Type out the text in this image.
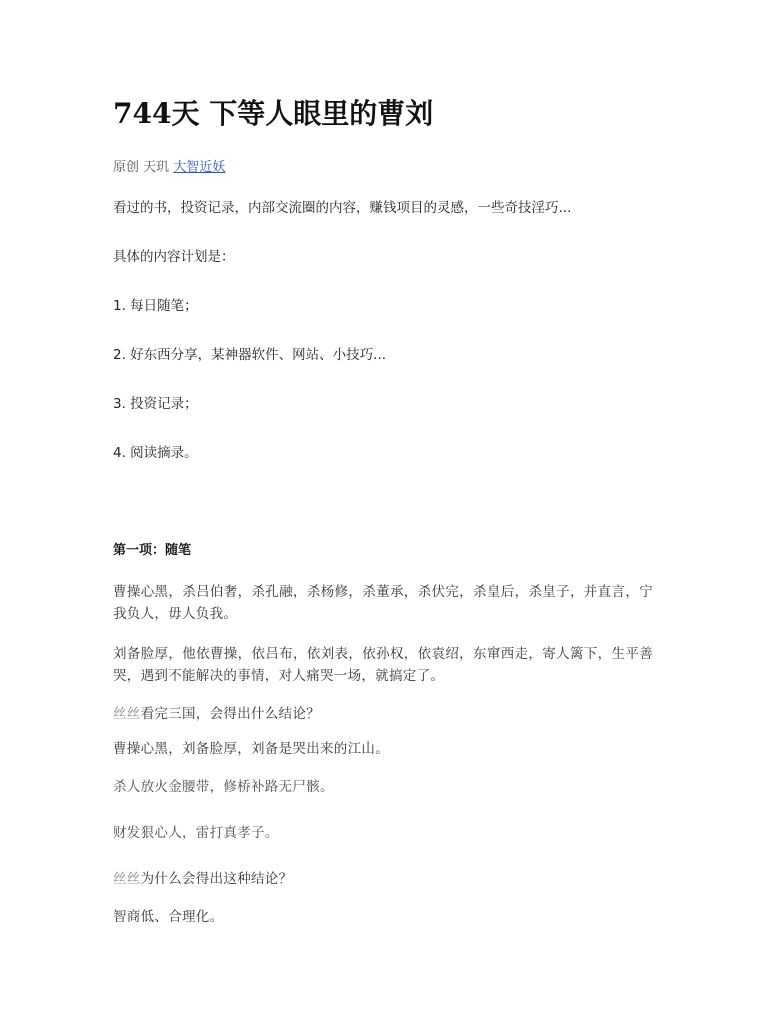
744天 下等人眼里的曹刘
原创 天玑 大智近妖
看过的书，投资记录，内部交流圈的内容，赚钱项目的灵感，一些奇技淫巧...
具体的内容计划是：
1. 每日随笔；
2. 好东西分享，某神器软件、网站、小技巧...
3. 投资记录；
4. 阅读摘录。
第一项：随笔
曹操心黑，杀吕伯奢，杀孔融，杀杨修，杀董承，杀伏完，杀皇后，杀皇子，并直言，宁我负人，毋人负我。
刘备脸厚，他依曹操，依吕布，依刘表，依孙权，依袁绍，东窜西走，寄人篱下，生平善哭，遇到不能解决的事情，对人痛哭一场，就搞定了。
丝丝看完三国，会得出什么结论？
曹操心黑，刘备脸厚，刘备是哭出来的江山。
杀人放火金腰带，修桥补路无尸骸。
财发狠心人，雷打真孝子。
丝丝为什么会得出这种结论？
智商低、合理化。
